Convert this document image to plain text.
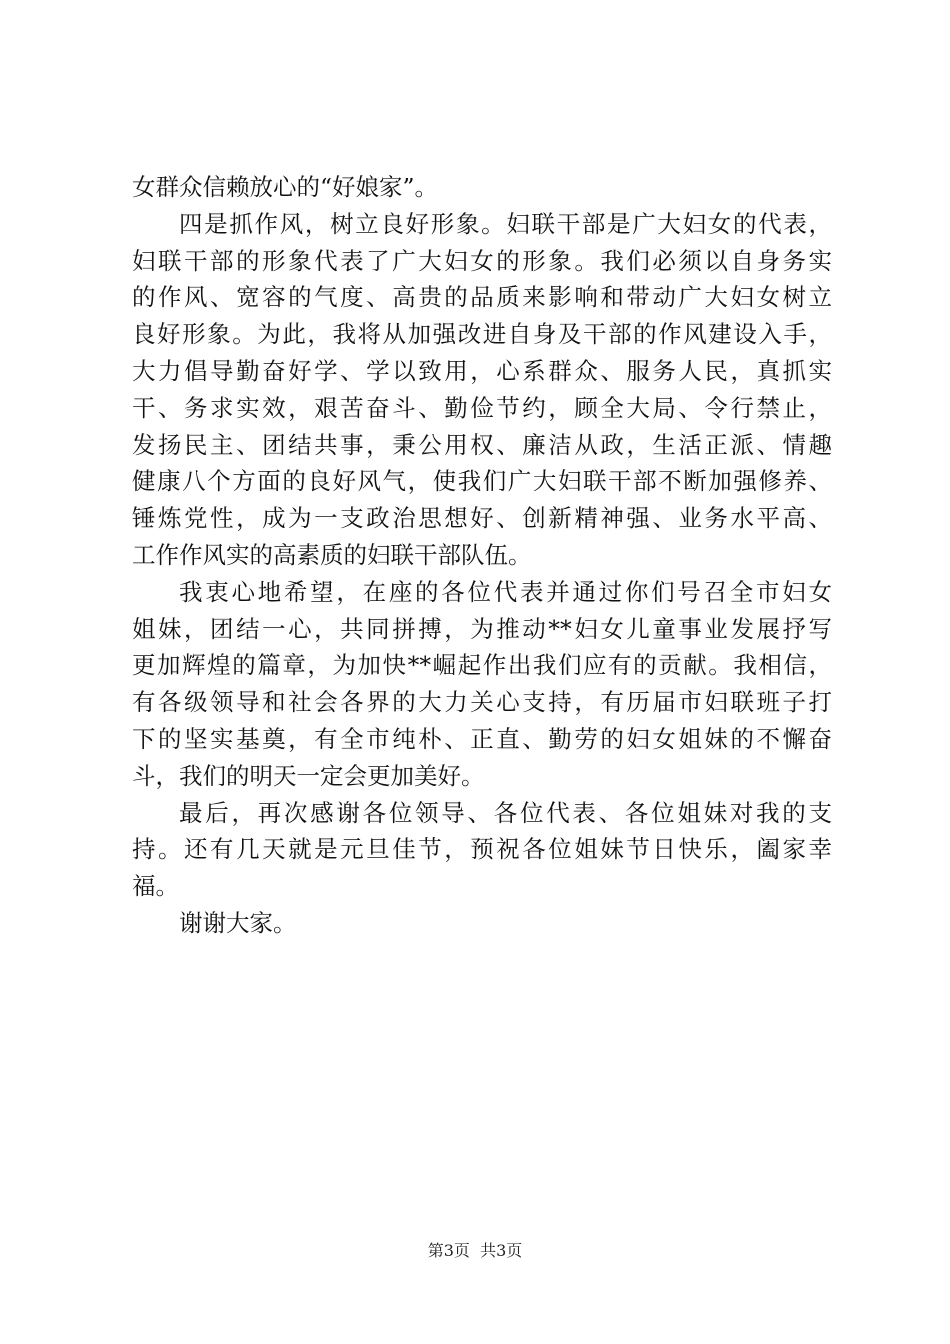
女群众信赖放心的“好娘家”。
四是抓作风，树立良好形象。妇联干部是广大妇女的代表，
妇联干部的形象代表了广大妇女的形象。我们必须以自身务实
的作风、宽容的气度、高贵的品质来影响和带动广大妇女树立
良好形象。为此，我将从加强改进自身及干部的作风建设入手，
大力倡导勤奋好学、学以致用，心系群众、服务人民，真抓实
干、务求实效，艰苦奋斗、勤俭节约，顾全大局、令行禁止，
发扬民主、团结共事，秉公用权、廉洁从政，生活正派、情趣
健康八个方面的良好风气，使我们广大妇联干部不断加强修养、
锤炼党性，成为一支政治思想好、创新精神强、业务水平高、
工作作风实的高素质的妇联干部队伍。
我衷心地希望，在座的各位代表并通过你们号召全市妇女
姐妹，团结一心，共同拼搏，为推动**妇女儿童事业发展抒写
更加辉煌的篇章，为加快**崛起作出我们应有的贡献。我相信，
有各级领导和社会各界的大力关心支持，有历届市妇联班子打
下的坚实基奠，有全市纯朴、正直、勤劳的妇女姐妹的不懈奋
斗，我们的明天一定会更加美好。
最后，再次感谢各位领导、各位代表、各位姐妹对我的支
持。还有几天就是元旦佳节，预祝各位姐妹节日快乐，阖家幸
福。
谢谢大家。
第3页  共3页
